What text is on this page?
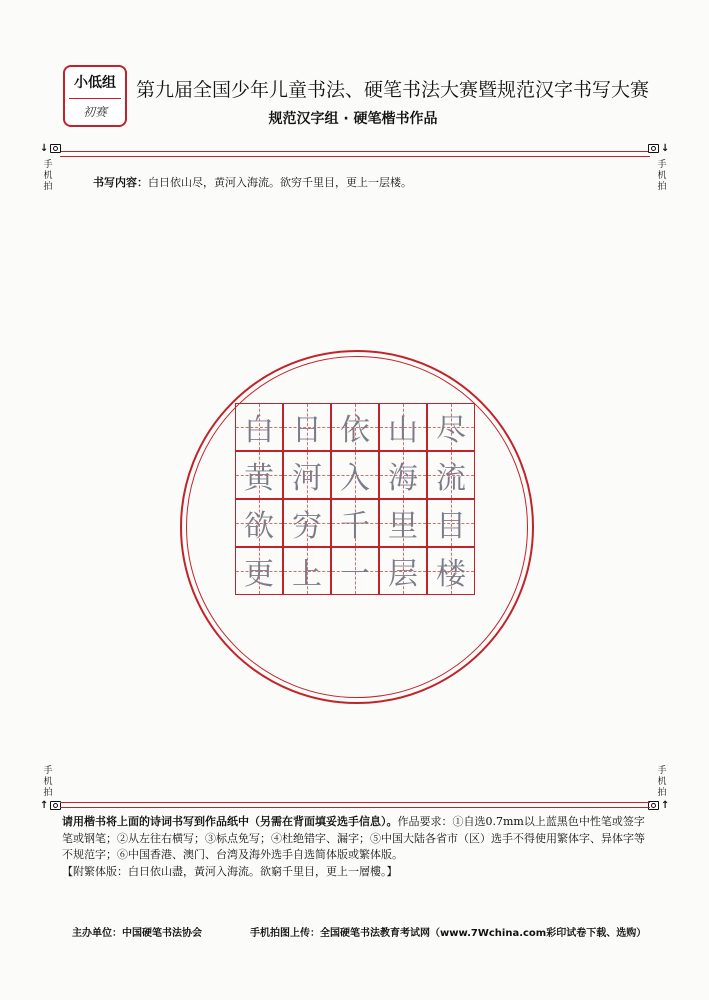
小低组
初赛
第九届全国少年儿童书法、硬笔书法大赛暨规范汉字书写大赛
规范汉字组 · 硬笔楷书作品
↓	↓
手机拍
手机拍
书写内容：白日依山尽，黄河入海流。欲穷千里目，更上一层楼。
白 日 依 山 尽
黄 河 入 海 流
欲 穷 千 里 目
更 上 一 层 楼
手机拍
手机拍
↑	↑
请用楷书将上面的诗词书写到作品纸中（另需在背面填妥选手信息）。作品要求：①自选0.7mm以上蓝黑色中性笔或签字笔或钢笔；②从左往右横写；③标点免写；④杜绝错字、漏字；⑤中国大陆各省市（区）选手不得使用繁体字、异体字等不规范字；⑥中国香港、澳门、台湾及海外选手自选简体版或繁体版。
【附繁体版：白日依山盡，黃河入海流。欲窮千里目，更上一層樓。】
主办单位：中国硬笔书法协会	手机拍图上传：全国硬笔书法教育考试网（www.7Wchina.com彩印试卷下载、选购）
